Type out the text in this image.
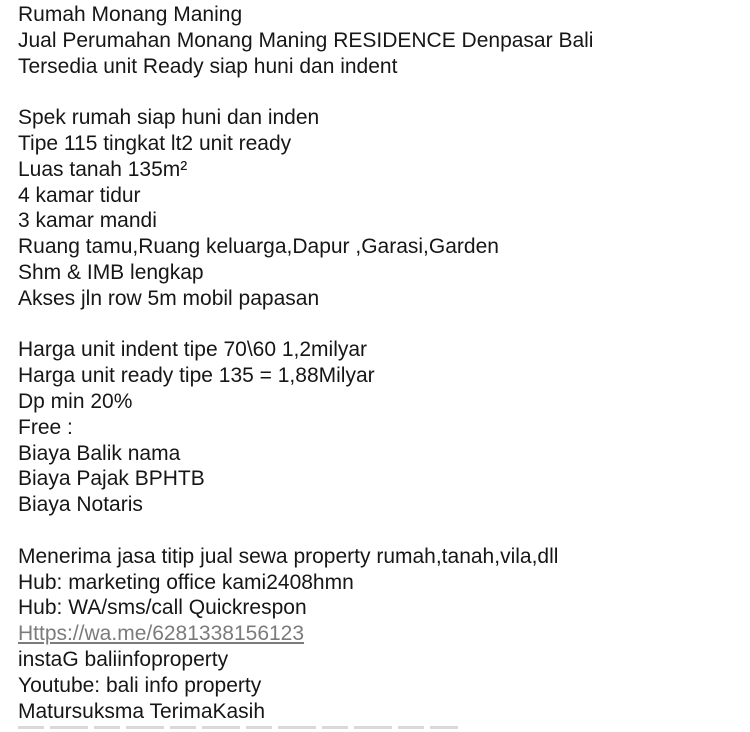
Rumah Monang Maning
Jual Perumahan Monang Maning RESIDENCE Denpasar Bali
Tersedia unit Ready siap huni dan indent
Spek rumah siap huni dan inden
Tipe 115 tingkat lt2 unit ready
Luas tanah 135m²
4 kamar tidur
3 kamar mandi
Ruang tamu,Ruang keluarga,Dapur ,Garasi,Garden
Shm & IMB lengkap
Akses jln row 5m mobil papasan
Harga unit indent tipe 70\60 1,2milyar
Harga unit ready tipe 135 = 1,88Milyar
Dp min 20%
Free :
Biaya Balik nama
Biaya Pajak BPHTB
Biaya Notaris
Menerima jasa titip jual sewa property rumah,tanah,vila,dll
Hub: marketing office kami2408hmn
Hub: WA/sms/call Quickrespon
Https://wa.me/6281338156123
instaG baliinfoproperty
Youtube: bali info property
Matursuksma TerimaKasih
